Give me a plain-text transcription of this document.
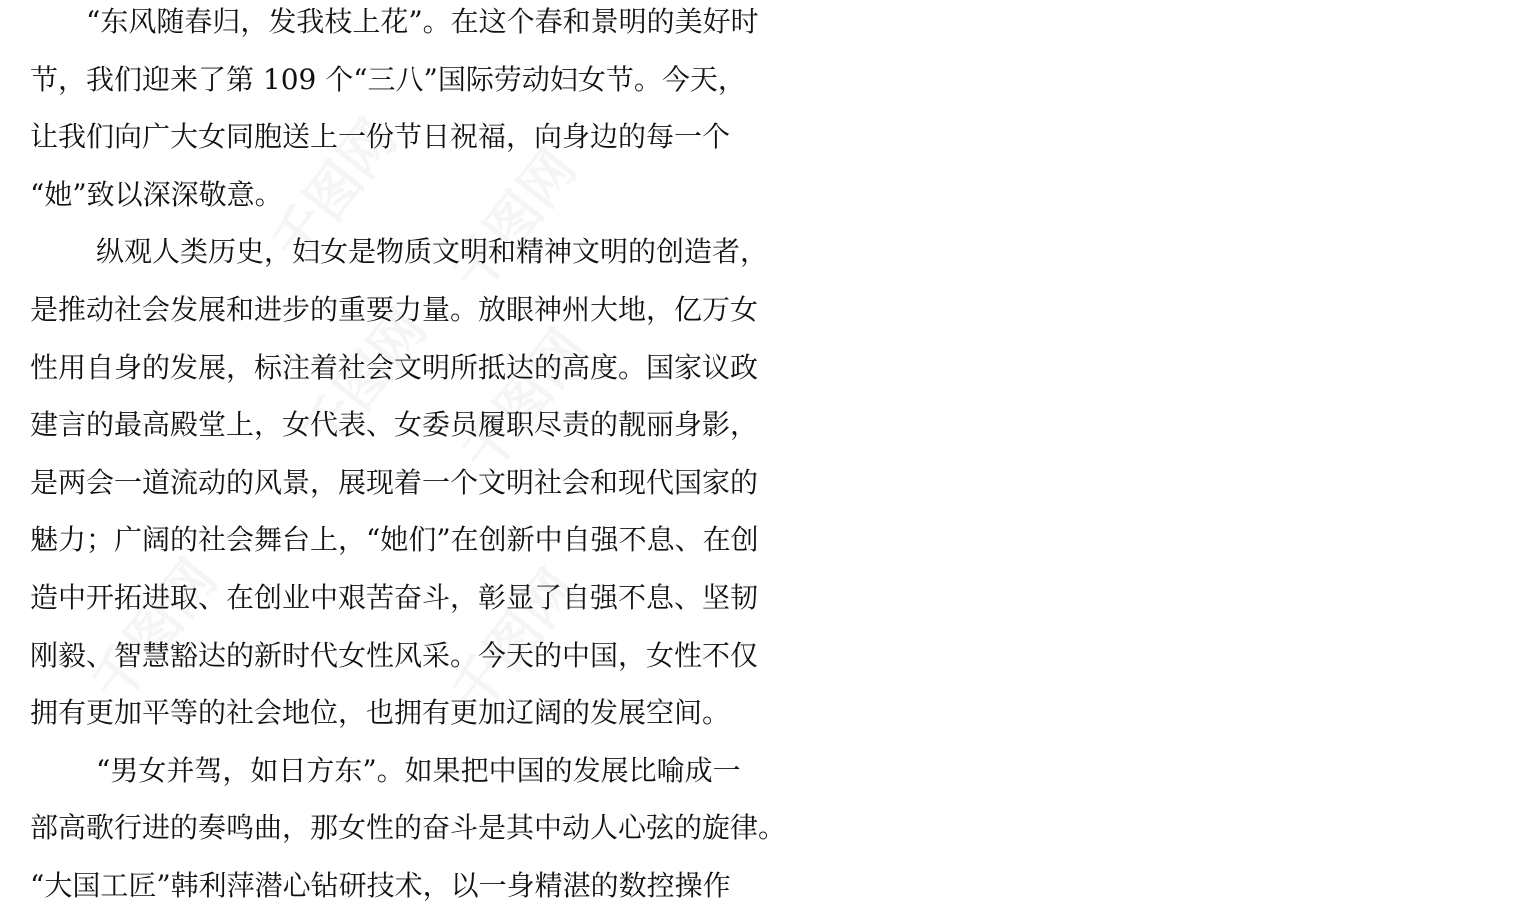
千图网 千图网
千图网 千图网
千图网	千图网
“东风随春归，发我枝上花”。在这个春和景明的美好时
节，我们迎来了第 109 个“三八”国际劳动妇女节。今天，
让我们向广大女同胞送上一份节日祝福，向身边的每一个
“她”致以深深敬意。
纵观人类历史，妇女是物质文明和精神文明的创造者，
是推动社会发展和进步的重要力量。放眼神州大地，亿万女
性用自身的发展，标注着社会文明所抵达的高度。国家议政
建言的最高殿堂上，女代表、女委员履职尽责的靓丽身影，
是两会一道流动的风景，展现着一个文明社会和现代国家的
魅力；广阔的社会舞台上，“她们”在创新中自强不息、在创
造中开拓进取、在创业中艰苦奋斗，彰显了自强不息、坚韧
刚毅、智慧豁达的新时代女性风采。今天的中国，女性不仅
拥有更加平等的社会地位，也拥有更加辽阔的发展空间。
“男女并驾，如日方东”。如果把中国的发展比喻成一
部高歌行进的奏鸣曲，那女性的奋斗是其中动人心弦的旋律。
“大国工匠”韩利萍潜心钻研技术，以一身精湛的数控操作
